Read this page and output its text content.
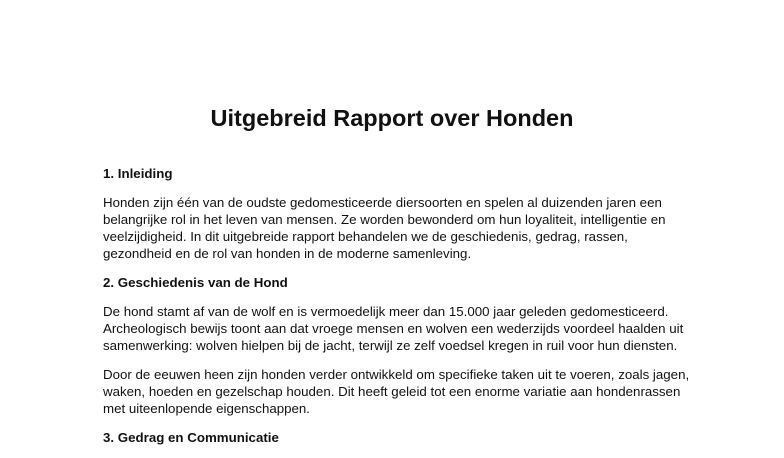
Uitgebreid Rapport over Honden
1. Inleiding

Honden zijn één van de oudste gedomesticeerde diersoorten en spelen al duizenden jaren een
belangrijke rol in het leven van mensen. Ze worden bewonderd om hun loyaliteit, intelligentie en
veelzijdigheid. In dit uitgebreide rapport behandelen we de geschiedenis, gedrag, rassen,
gezondheid en de rol van honden in de moderne samenleving.

2. Geschiedenis van de Hond

De hond stamt af van de wolf en is vermoedelijk meer dan 15.000 jaar geleden gedomesticeerd.
Archeologisch bewijs toont aan dat vroege mensen en wolven een wederzijds voordeel haalden uit
samenwerking: wolven hielpen bij de jacht, terwijl ze zelf voedsel kregen in ruil voor hun diensten.

Door de eeuwen heen zijn honden verder ontwikkeld om specifieke taken uit te voeren, zoals jagen,
waken, hoeden en gezelschap houden. Dit heeft geleid tot een enorme variatie aan hondenrassen
met uiteenlopende eigenschappen.

3. Gedrag en Communicatie
